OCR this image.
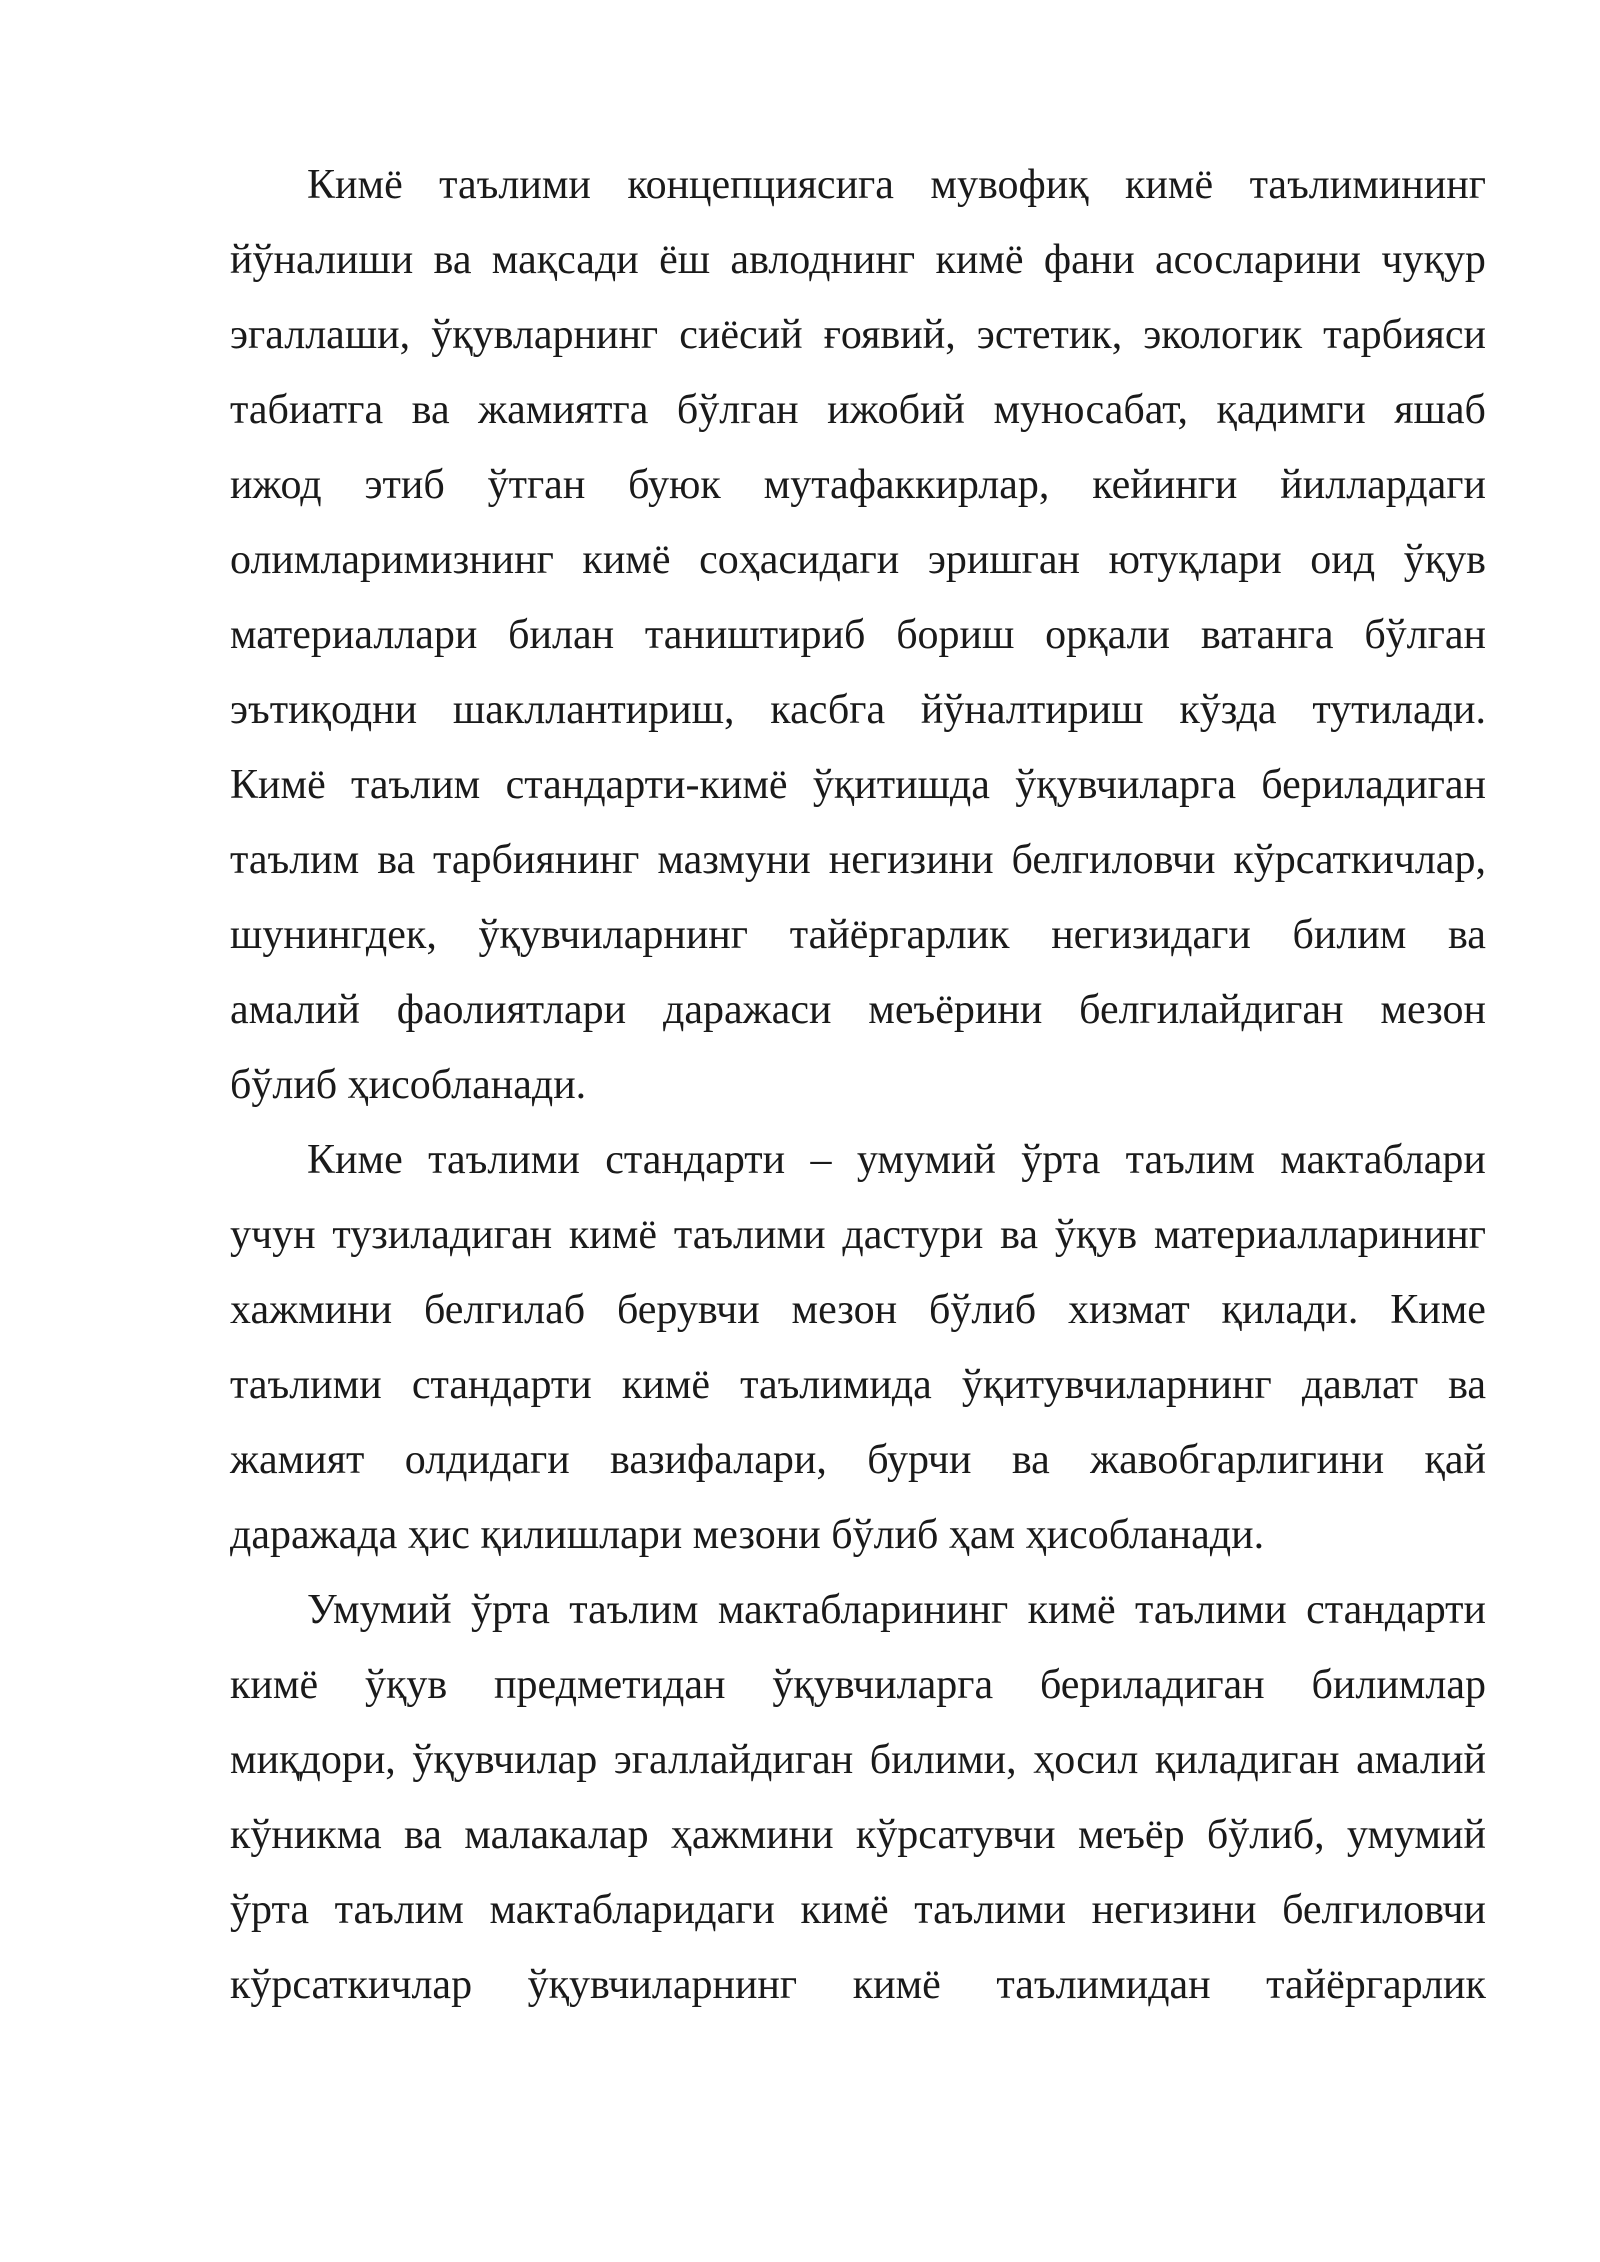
Кимё таълими концепциясига мувофиқ кимё таълимининг
йўналиши ва мақсади ёш авлоднинг кимё фани асосларини чуқур
эгаллаши, ўқувларнинг сиёсий ғоявий, эстетик, экологик тарбияси
табиатга ва жамиятга бўлган ижобий муносабат, қадимги яшаб
ижод этиб ўтган буюк мутафаккирлар, кейинги йиллардаги
олимларимизнинг кимё соҳасидаги эришган ютуқлари оид ўқув
материаллари билан таништириб бориш орқали ватанга бўлган
эътиқодни шакллантириш, касбга йўналтириш кўзда тутилади.
Кимё таълим стандарти-кимё ўқитишда ўқувчиларга бериладиган
таълим ва тарбиянинг мазмуни негизини белгиловчи кўрсаткичлар,
шунингдек, ўқувчиларнинг тайёргарлик негизидаги билим ва
амалий фаолиятлари даражаси меъёрини белгилайдиган мезон
бўлиб ҳисобланади.

Киме таълими стандарти – умумий ўрта таълим мактаблари
учун тузиладиган кимё таълими дастури ва ўқув материалларининг
хажмини белгилаб берувчи мезон бўлиб хизмат қилади. Киме
таълими стандарти кимё таълимида ўқитувчиларнинг давлат ва
жамият олдидаги вазифалари, бурчи ва жавобгарлигини қай
даражада ҳис қилишлари мезони бўлиб ҳам ҳисобланади.

Умумий ўрта таълим мактабларининг кимё таълими стандарти
кимё ўқув предметидан ўқувчиларга бериладиган билимлар
миқдори, ўқувчилар эгаллайдиган билими, ҳосил қиладиган амалий
кўникма ва малакалар ҳажмини кўрсатувчи меъёр бўлиб, умумий
ўрта таълим мактабларидаги кимё таълими негизини белгиловчи
кўрсаткичлар ўқувчиларнинг кимё таълимидан тайёргарлик
